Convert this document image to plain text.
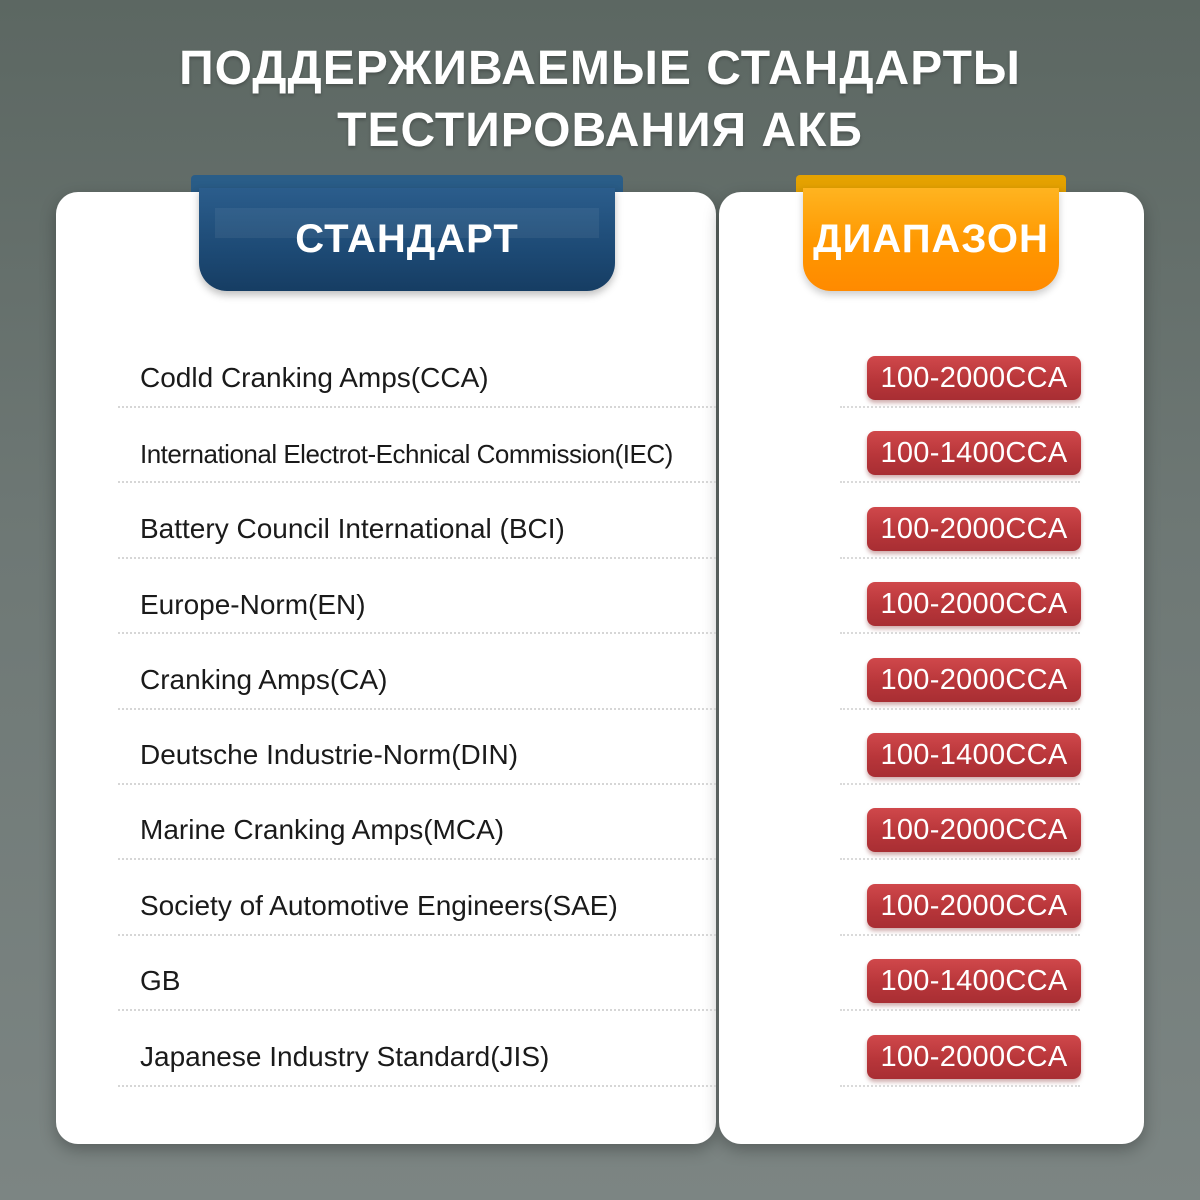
ПОДДЕРЖИВАЕМЫЕ СТАНДАРТЫ
ТЕСТИРОВАНИЯ АКБ
СТАНДАРТ	ДИАПАЗОН
Codld Cranking Amps(CCA)	100-2000CCA
International Electrot-Echnical Commission(IEC)	100-1400CCA
Battery Council International (BCI)	100-2000CCA
Europe-Norm(EN)	100-2000CCA
Cranking Amps(CA)	100-2000CCA
Deutsche Industrie-Norm(DIN)	100-1400CCA
Marine Cranking Amps(MCA)	100-2000CCA
Society of Automotive Engineers(SAE)	100-2000CCA
GB	100-1400CCA
Japanese Industry Standard(JIS)	100-2000CCA
